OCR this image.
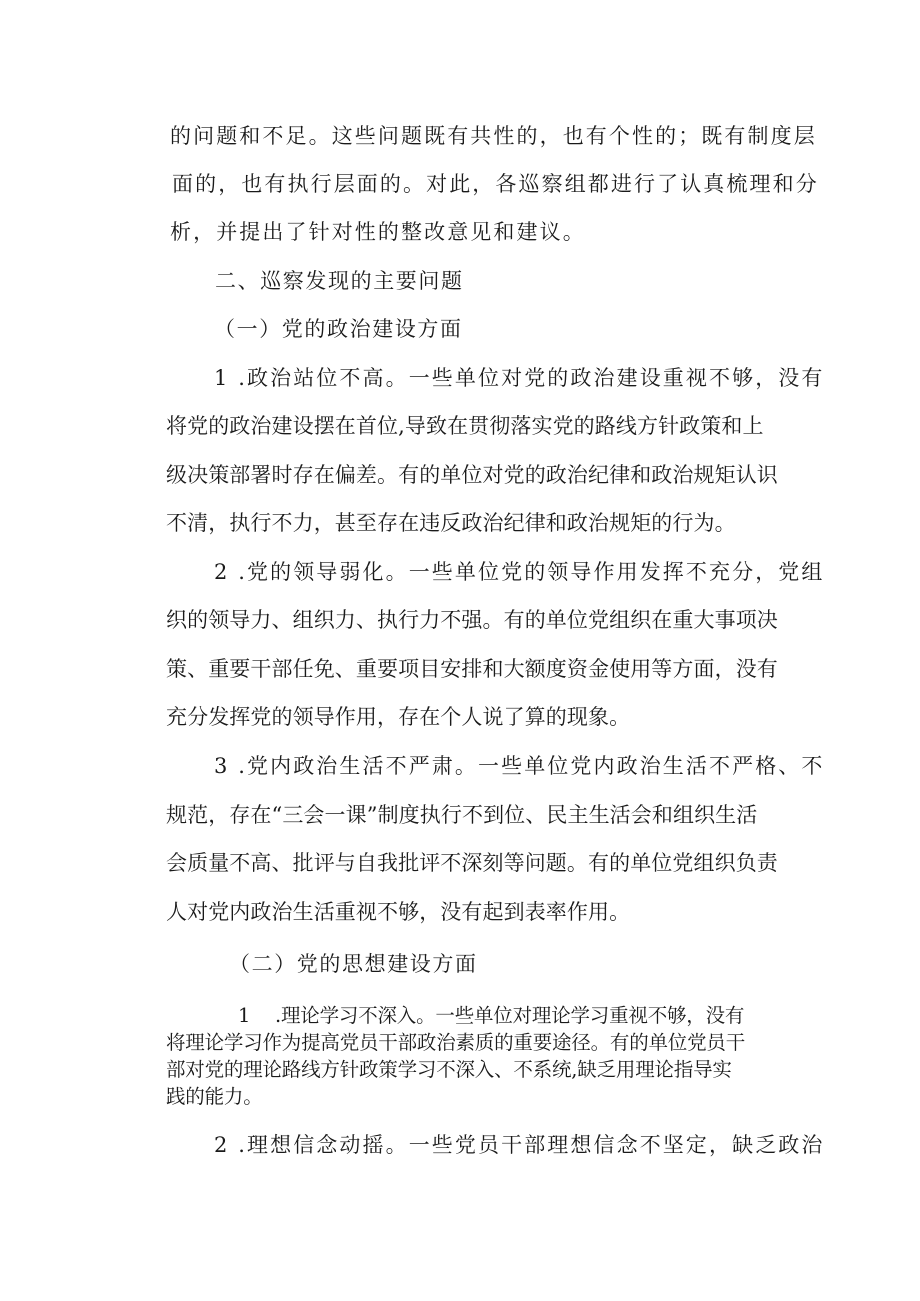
的问题和不足。这些问题既有共性的，也有个性的；既有制度层
面的，也有执行层面的。对此，各巡察组都进行了认真梳理和分
析，并提出了针对性的整改意见和建议。
二、巡察发现的主要问题
（一）党的政治建设方面
1 .政治站位不高。一些单位对党的政治建设重视不够，没有
将党的政治建设摆在首位,导致在贯彻落实党的路线方针政策和上
级决策部署时存在偏差。有的单位对党的政治纪律和政治规矩认识
不清，执行不力，甚至存在违反政治纪律和政治规矩的行为。
2 .党的领导弱化。一些单位党的领导作用发挥不充分，党组
织的领导力、组织力、执行力不强。有的单位党组织在重大事项决
策、重要干部任免、重要项目安排和大额度资金使用等方面，没有
充分发挥党的领导作用，存在个人说了算的现象。
3 .党内政治生活不严肃。一些单位党内政治生活不严格、不
规范，存在“三会一课”制度执行不到位、民主生活会和组织生活
会质量不高、批评与自我批评不深刻等问题。有的单位党组织负责
人对党内政治生活重视不够，没有起到表率作用。
（二）党的思想建设方面
1 .理论学习不深入。一些单位对理论学习重视不够，没有
将理论学习作为提高党员干部政治素质的重要途径。有的单位党员干
部对党的理论路线方针政策学习不深入、不系统,缺乏用理论指导实
践的能力。
2 .理想信念动摇。一些党员干部理想信念不坚定，缺乏政治
